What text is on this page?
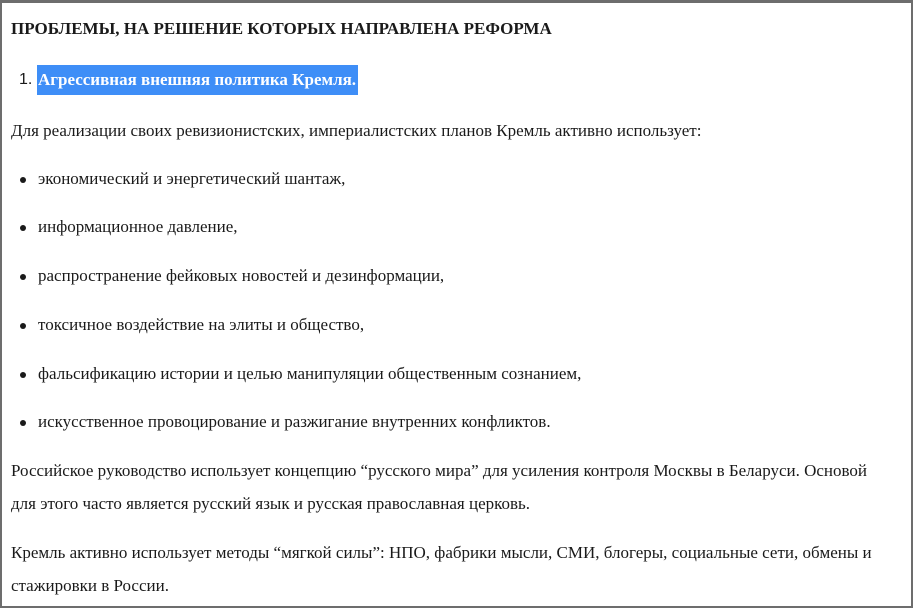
ПРОБЛЕМЫ, НА РЕШЕНИЕ КОТОРЫХ НАПРАВЛЕНА РЕФОРМА
1. Агрессивная внешняя политика Кремля.

Для реализации своих ревизионистских, империалистских планов Кремль активно использует:

экономический и энергетический шантаж,
информационное давление,
распространение фейковых новостей и дезинформации,
токсичное воздействие на элиты и общество,
фальсификацию истории и целью манипуляции общественным сознанием,
искусственное провоцирование и разжигание внутренних конфликтов.

Российское руководство использует концепцию “русского мира” для усиления контроля Москвы в Беларуси. Основой для этого часто является русский язык и русская православная церковь.

Кремль активно использует методы “мягкой силы”: НПО, фабрики мысли, СМИ, блогеры, социальные сети, обмены и стажировки в России.
